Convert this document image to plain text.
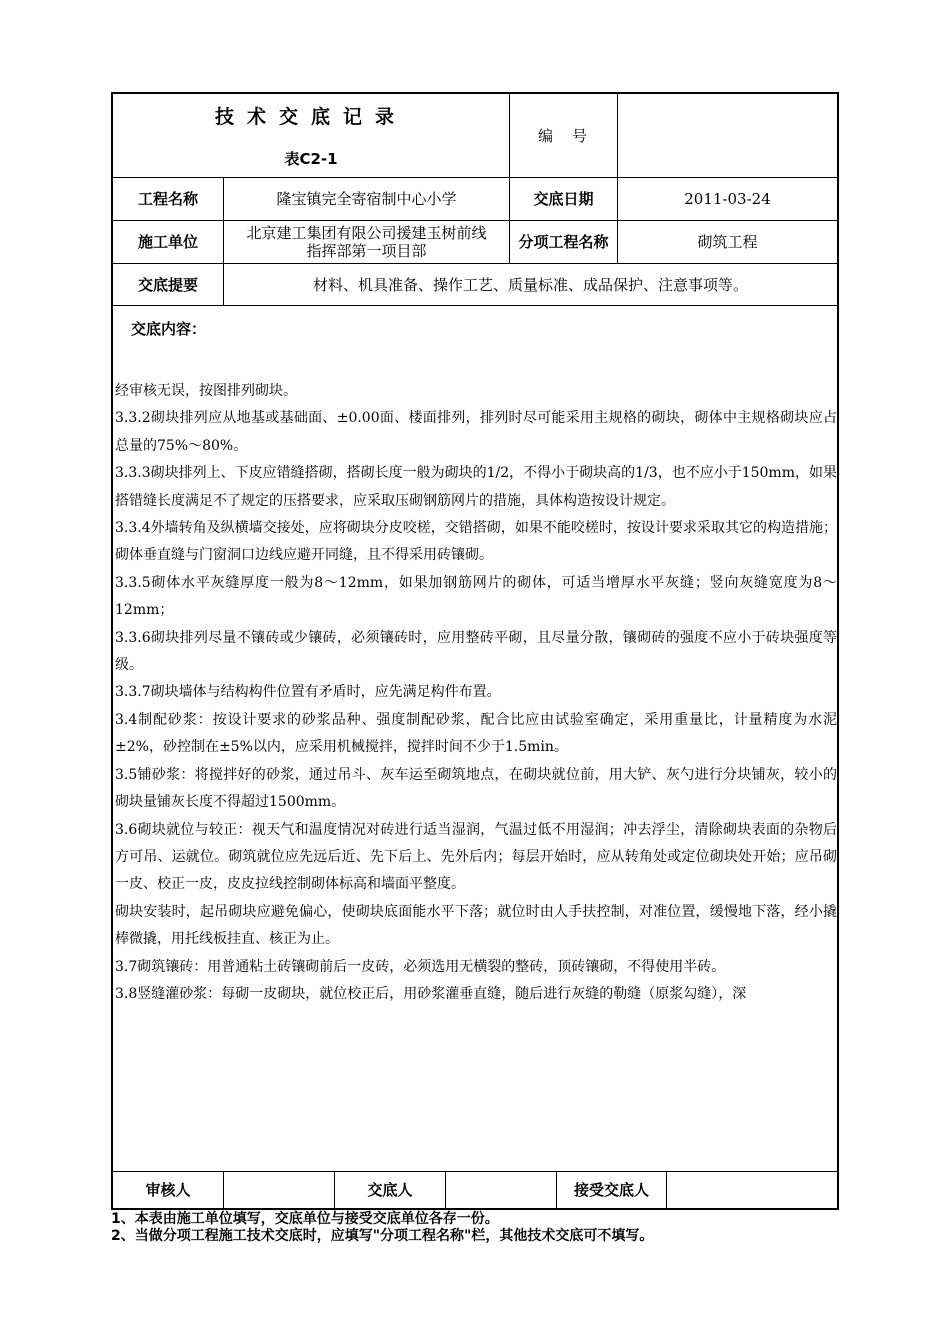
技术交底记录
表C2-1
编　号
工程名称	隆宝镇完全寄宿制中心小学	交底日期	2011-03-24
施工单位	北京建工集团有限公司援建玉树前线
指挥部第一项目部	分项工程名称	砌筑工程
交底提要	材料、机具准备、操作工艺、质量标准、成品保护、注意事项等。
交底内容：

经审核无误，按图排列砌块。

3.3.2砌块排列应从地基或基础面、±0.00面、楼面排列，排列时尽可能采用主规格的砌块，砌体中主规格砌块应占总量的75%～80%。

3.3.3砌块排列上、下皮应错缝搭砌，搭砌长度一般为砌块的1/2，不得小于砌块高的1/3，也不应小于150mm，如果搭错缝长度满足不了规定的压搭要求，应采取压砌钢筋网片的措施，具体构造按设计规定。

3.3.4外墙转角及纵横墙交接处，应将砌块分皮咬槎，交错搭砌，如果不能咬槎时，按设计要求采取其它的构造措施；砌体垂直缝与门窗洞口边线应避开同缝，且不得采用砖镶砌。

3.3.5砌体水平灰缝厚度一般为8～12mm，如果加钢筋网片的砌体，可适当增厚水平灰缝；竖向灰缝宽度为8～12mm；

3.3.6砌块排列尽量不镶砖或少镶砖，必须镶砖时，应用整砖平砌，且尽量分散，镶砌砖的强度不应小于砖块强度等级。

3.3.7砌块墙体与结构构件位置有矛盾时，应先满足构件布置。

3.4制配砂浆：按设计要求的砂浆品种、强度制配砂浆，配合比应由试验室确定，采用重量比，计量精度为水泥±2%，砂控制在±5%以内，应采用机械搅拌，搅拌时间不少于1.5min。

3.5铺砂浆：将搅拌好的砂浆，通过吊斗、灰车运至砌筑地点，在砌块就位前，用大铲、灰勺进行分块铺灰，较小的砌块量铺灰长度不得超过1500mm。

3.6砌块就位与较正：视天气和温度情况对砖进行适当湿润，气温过低不用湿润；冲去浮尘，清除砌块表面的杂物后方可吊、运就位。砌筑就位应先远后近、先下后上、先外后内；每层开始时，应从转角处或定位砌块处开始；应吊砌一皮、校正一皮，皮皮拉线控制砌体标高和墙面平整度。

砌块安装时，起吊砌块应避免偏心，使砌块底面能水平下落；就位时由人手扶控制，对准位置，缓慢地下落，经小撬棒微撬，用托线板挂直、核正为止。

3.7砌筑镶砖：用普通粘土砖镶砌前后一皮砖，必须选用无横裂的整砖，顶砖镶砌，不得使用半砖。

3.8竖缝灌砂浆：每砌一皮砌块，就位校正后，用砂浆灌垂直缝，随后进行灰缝的勒缝（原浆勾缝），深

审核人	交底人	接受交底人
1、本表由施工单位填写，交底单位与接受交底单位各存一份。
2、当做分项工程施工技术交底时，应填写"分项工程名称"栏，其他技术交底可不填写。
